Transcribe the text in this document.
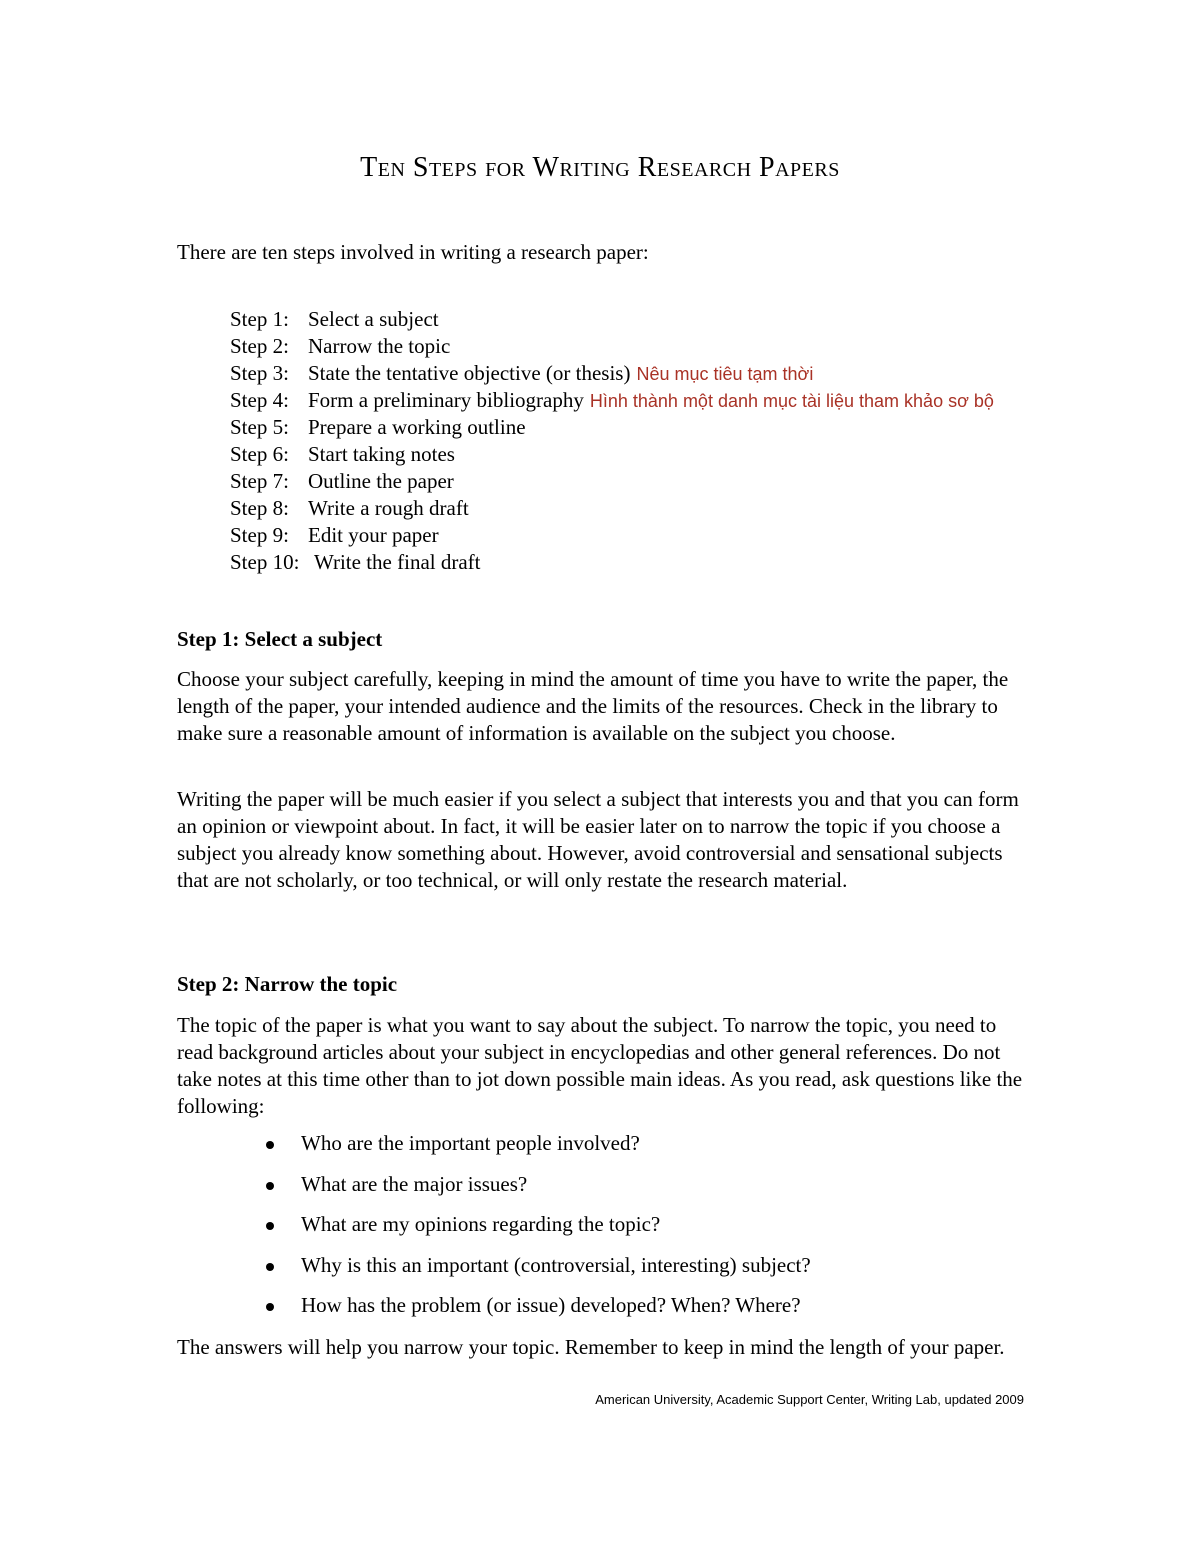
Ten Steps for Writing Research Papers
There are ten steps involved in writing a research paper:
Step 1: Select a subject
Step 2: Narrow the topic
Step 3: State the tentative objective (or thesis) Nêu mục tiêu tạm thời
Step 4: Form a preliminary bibliography Hình thành một danh mục tài liệu tham khảo sơ bộ
Step 5: Prepare a working outline
Step 6: Start taking notes
Step 7: Outline the paper
Step 8: Write a rough draft
Step 9: Edit your paper
Step 10: Write the final draft
Step 1: Select a subject
Choose your subject carefully, keeping in mind the amount of time you have to write the paper, the length of the paper, your intended audience and the limits of the resources. Check in the library to make sure a reasonable amount of information is available on the subject you choose.
Writing the paper will be much easier if you select a subject that interests you and that you can form an opinion or viewpoint about. In fact, it will be easier later on to narrow the topic if you choose a subject you already know something about. However, avoid controversial and sensational subjects that are not scholarly, or too technical, or will only restate the research material.
Step 2: Narrow the topic
The topic of the paper is what you want to say about the subject. To narrow the topic, you need to read background articles about your subject in encyclopedias and other general references. Do not take notes at this time other than to jot down possible main ideas. As you read, ask questions like the following:
Who are the important people involved?
What are the major issues?
What are my opinions regarding the topic?
Why is this an important (controversial, interesting) subject?
How has the problem (or issue) developed? When? Where?
The answers will help you narrow your topic. Remember to keep in mind the length of your paper.
American University, Academic Support Center, Writing Lab, updated 2009
